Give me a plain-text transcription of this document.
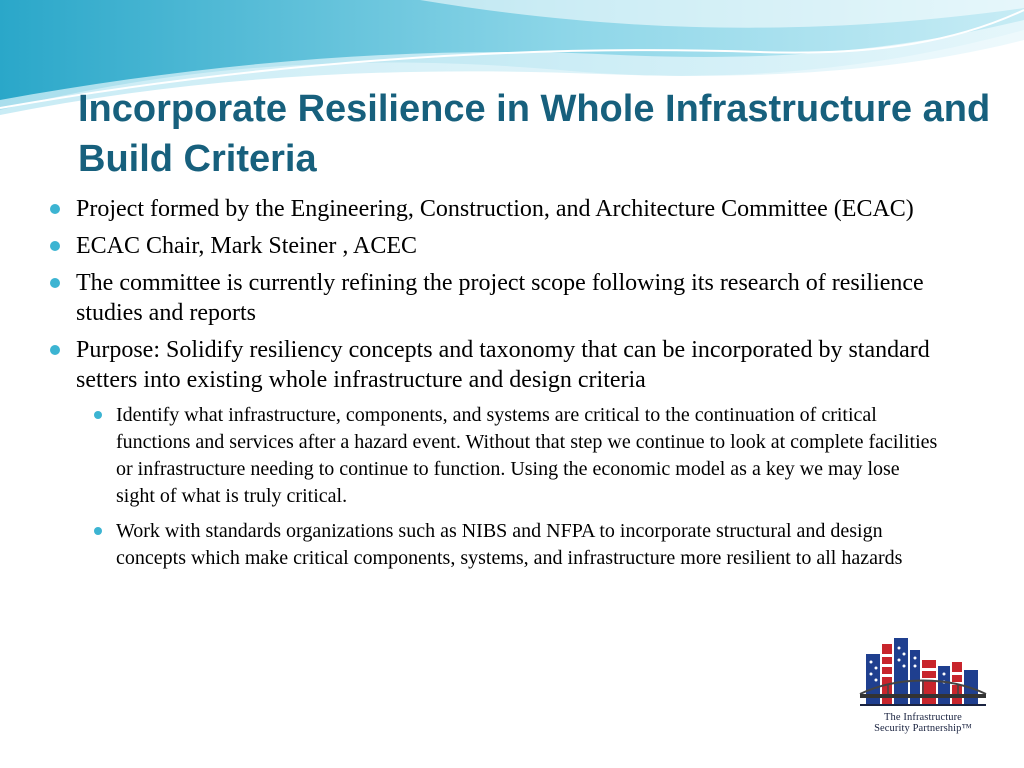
Incorporate Resilience in Whole Infrastructure and Build Criteria
Project formed by the Engineering, Construction, and Architecture Committee (ECAC)
ECAC Chair, Mark Steiner , ACEC
The committee is currently refining the project scope following its research of resilience studies and reports
Purpose: Solidify resiliency concepts and taxonomy that can be incorporated by standard setters into existing whole infrastructure and design criteria
Identify what infrastructure, components, and systems are critical to the continuation of critical functions and services after a hazard event. Without that step we continue to look at complete facilities or infrastructure needing to continue to function. Using the economic model as a key we may lose sight of what is truly critical.
Work with standards organizations such as NIBS and NFPA to incorporate structural and design concepts which make critical components, systems, and infrastructure more resilient to all hazards
The Infrastructure
Security Partnership™
